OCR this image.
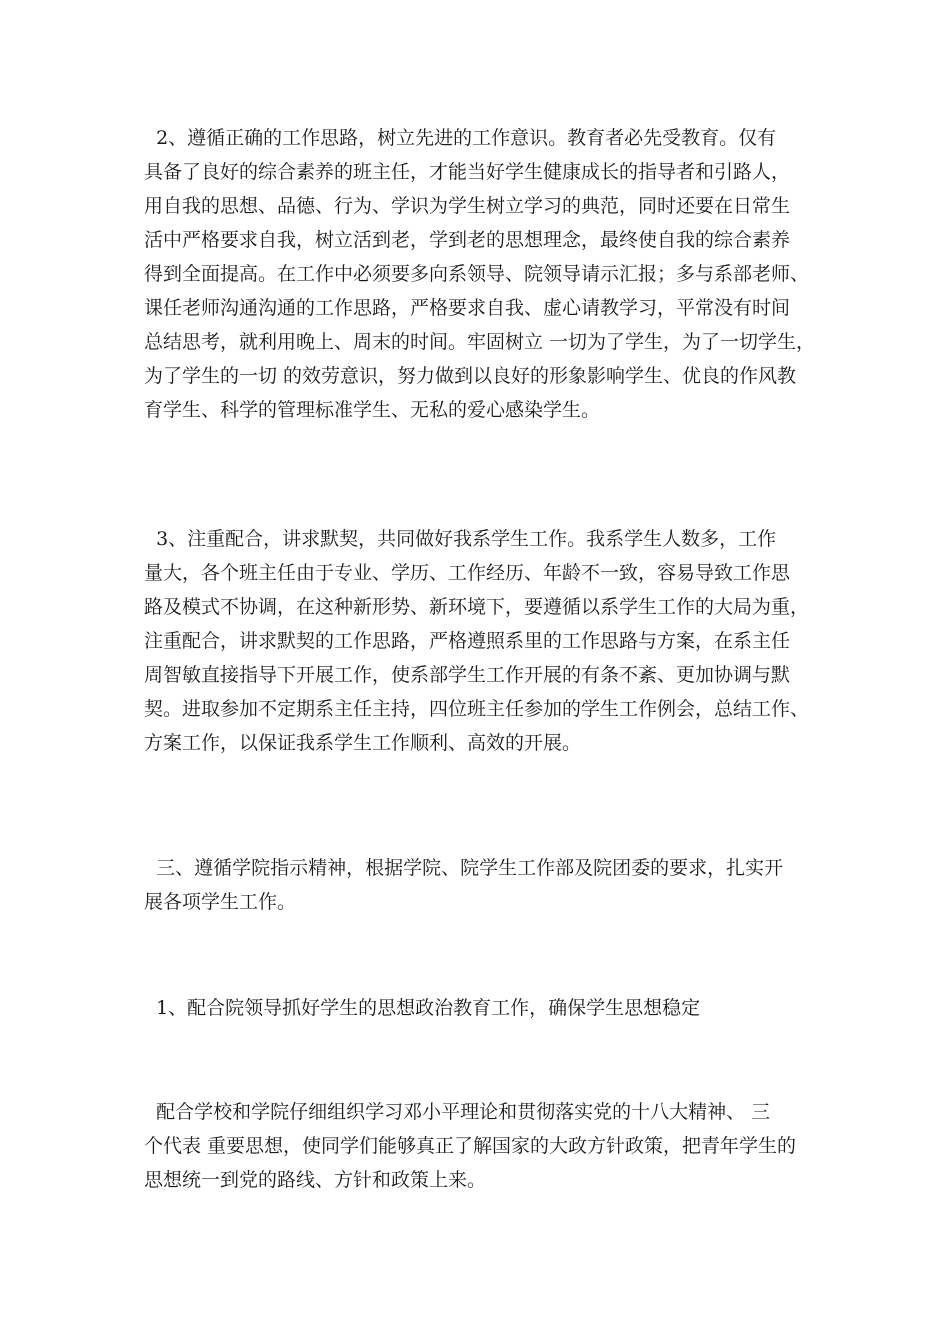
2、遵循正确的工作思路，树立先进的工作意识。教育者必先受教育。仅有
具备了良好的综合素养的班主任，才能当好学生健康成长的指导者和引路人，
用自我的思想、品德、行为、学识为学生树立学习的典范，同时还要在日常生
活中严格要求自我，树立活到老，学到老的思想理念，最终使自我的综合素养
得到全面提高。在工作中必须要多向系领导、院领导请示汇报；多与系部老师、
课任老师沟通沟通的工作思路，严格要求自我、虚心请教学习，平常没有时间
总结思考，就利用晚上、周末的时间。牢固树立 一切为了学生，为了一切学生，
为了学生的一切 的效劳意识，努力做到以良好的形象影响学生、优良的作风教
育学生、科学的管理标准学生、无私的爱心感染学生。
3、注重配合，讲求默契，共同做好我系学生工作。我系学生人数多，工作
量大，各个班主任由于专业、学历、工作经历、年龄不一致，容易导致工作思
路及模式不协调，在这种新形势、新环境下，要遵循以系学生工作的大局为重，
注重配合，讲求默契的工作思路，严格遵照系里的工作思路与方案，在系主任
周智敏直接指导下开展工作，使系部学生工作开展的有条不紊、更加协调与默
契。进取参加不定期系主任主持，四位班主任参加的学生工作例会，总结工作、
方案工作，以保证我系学生工作顺利、高效的开展。
三、遵循学院指示精神，根据学院、院学生工作部及院团委的要求，扎实开
展各项学生工作。
1、配合院领导抓好学生的思想政治教育工作，确保学生思想稳定
配合学校和学院仔细组织学习邓小平理论和贯彻落实党的十八大精神、 三
个代表 重要思想，使同学们能够真正了解国家的大政方针政策，把青年学生的
思想统一到党的路线、方针和政策上来。
